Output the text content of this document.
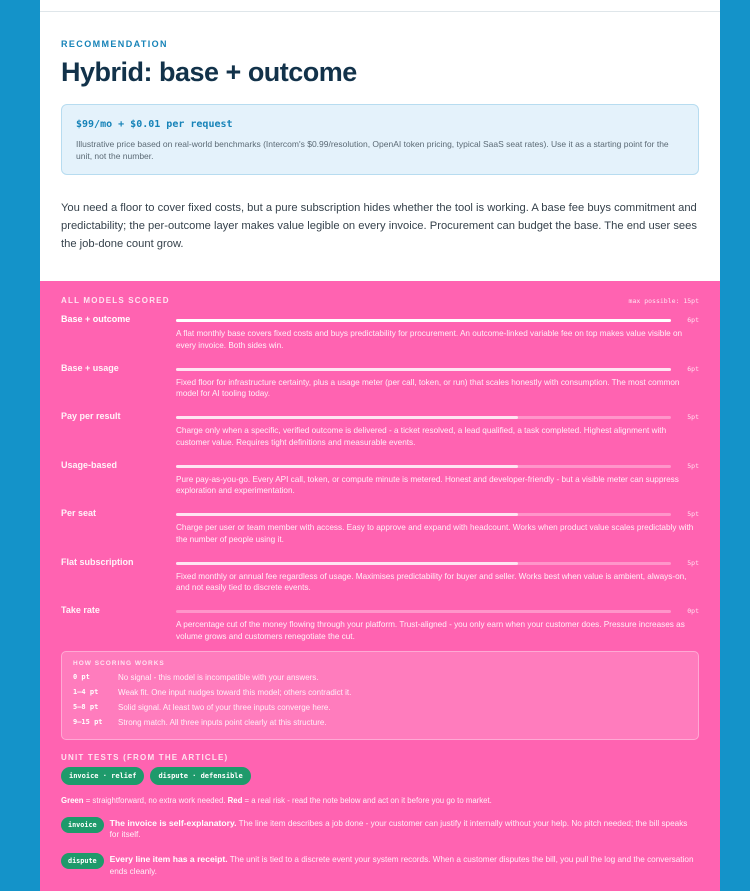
RECOMMENDATION
Hybrid: base + outcome
$99/mo + $0.01 per request
Illustrative price based on real-world benchmarks (Intercom's $0.99/resolution, OpenAI token pricing, typical SaaS seat rates). Use it as a starting point for the unit, not the number.
You need a floor to cover fixed costs, but a pure subscription hides whether the tool is working. A base fee buys commitment and predictability; the per-outcome layer makes value legible on every invoice. Procurement can budget the base. The end user sees the job-done count grow.
ALL MODELS SCORED	max possible: 15pt
Base + outcome	6pt
A flat monthly base covers fixed costs and buys predictability for procurement. An outcome-linked variable fee on top makes value visible on every invoice. Both sides win.
Base + usage	6pt
Fixed floor for infrastructure certainty, plus a usage meter (per call, token, or run) that scales honestly with consumption. The most common model for AI tooling today.
Pay per result	5pt
Charge only when a specific, verified outcome is delivered - a ticket resolved, a lead qualified, a task completed. Highest alignment with customer value. Requires tight definitions and measurable events.
Usage-based	5pt
Pure pay-as-you-go. Every API call, token, or compute minute is metered. Honest and developer-friendly - but a visible meter can suppress exploration and experimentation.
Per seat	5pt
Charge per user or team member with access. Easy to approve and expand with headcount. Works when product value scales predictably with the number of people using it.
Flat subscription	5pt
Fixed monthly or annual fee regardless of usage. Maximises predictability for buyer and seller. Works best when value is ambient, always-on, and not easily tied to discrete events.
Take rate	0pt
A percentage cut of the money flowing through your platform. Trust-aligned - you only earn when your customer does. Pressure increases as volume grows and customers renegotiate the cut.
HOW SCORING WORKS
0 pt	No signal - this model is incompatible with your answers.
1–4 pt	Weak fit. One input nudges toward this model; others contradict it.
5–8 pt	Solid signal. At least two of your three inputs converge here.
9–15 pt	Strong match. All three inputs point clearly at this structure.
UNIT TESTS (FROM THE ARTICLE)
invoice · relief	dispute · defensible
Green = straightforward, no extra work needed. Red = a real risk - read the note below and act on it before you go to market.
invoice	The invoice is self-explanatory. The line item describes a job done - your customer can justify it internally without your help. No pitch needed; the bill speaks for itself.
dispute	Every line item has a receipt. The unit is tied to a discrete event your system records. When a customer disputes the bill, you pull the log and the conversation ends cleanly.
